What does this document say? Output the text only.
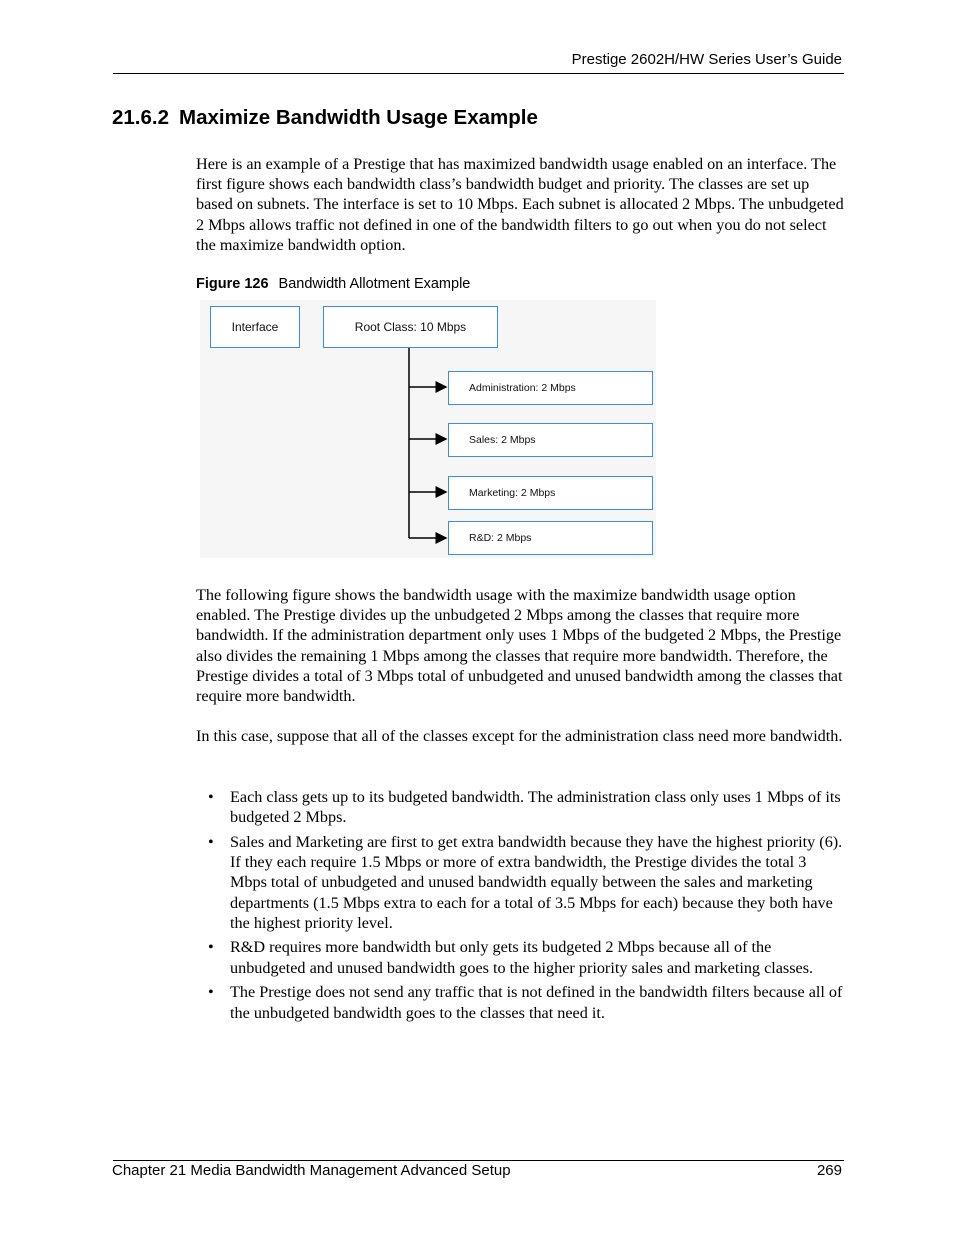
Prestige 2602H/HW Series User’s Guide
21.6.2 Maximize Bandwidth Usage Example

Here is an example of a Prestige that has maximized bandwidth usage enabled on an interface. The first figure shows each bandwidth class’s bandwidth budget and priority. The classes are set up based on subnets. The interface is set to 10 Mbps. Each subnet is allocated 2 Mbps. The unbudgeted 2 Mbps allows traffic not defined in one of the bandwidth filters to go out when you do not select the maximize bandwidth option.

Figure 126 Bandwidth Allotment Example
Interface	Root Class: 10 Mbps
Administration: 2 Mbps
Sales: 2 Mbps
Marketing: 2 Mbps
R&D: 2 Mbps

The following figure shows the bandwidth usage with the maximize bandwidth usage option enabled. The Prestige divides up the unbudgeted 2 Mbps among the classes that require more bandwidth. If the administration department only uses 1 Mbps of the budgeted 2 Mbps, the Prestige also divides the remaining 1 Mbps among the classes that require more bandwidth. Therefore, the Prestige divides a total of 3 Mbps total of unbudgeted and unused bandwidth among the classes that require more bandwidth.

In this case, suppose that all of the classes except for the administration class need more bandwidth.

• Each class gets up to its budgeted bandwidth. The administration class only uses 1 Mbps of its budgeted 2 Mbps.
• Sales and Marketing are first to get extra bandwidth because they have the highest priority (6). If they each require 1.5 Mbps or more of extra bandwidth, the Prestige divides the total 3 Mbps total of unbudgeted and unused bandwidth equally between the sales and marketing departments (1.5 Mbps extra to each for a total of 3.5 Mbps for each) because they both have the highest priority level.
• R&D requires more bandwidth but only gets its budgeted 2 Mbps because all of the unbudgeted and unused bandwidth goes to the higher priority sales and marketing classes.
• The Prestige does not send any traffic that is not defined in the bandwidth filters because all of the unbudgeted bandwidth goes to the classes that need it.
Chapter 21 Media Bandwidth Management Advanced Setup	269
